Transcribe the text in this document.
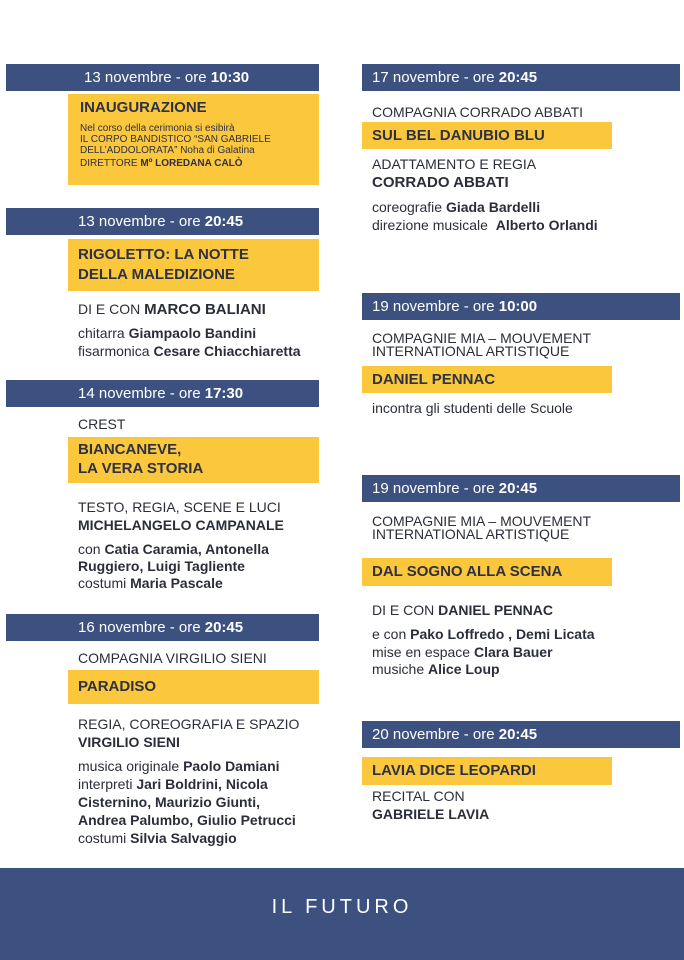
13 novembre - ore 10:30
INAUGURAZIONE
Nel corso della cerimonia si esibirà
IL CORPO BANDISTICO “SAN GABRIELE
DELL’ADDOLORATA” Noha di Galatina
DIRETTORE Mº LOREDANA CALÒ
13 novembre - ore 20:45
RIGOLETTO: LA NOTTE
DELLA MALEDIZIONE
DI E CON MARCO BALIANI
chitarra Giampaolo Bandini
fisarmonica Cesare Chiacchiaretta
14 novembre - ore 17:30
CREST
BIANCANEVE,
LA VERA STORIA
TESTO, REGIA, SCENE E LUCI
MICHELANGELO CAMPANALE
con Catia Caramia, Antonella
Ruggiero, Luigi Tagliente
costumi Maria Pascale
16 novembre - ore 20:45
COMPAGNIA VIRGILIO SIENI
PARADISO
REGIA, COREOGRAFIA E SPAZIO
VIRGILIO SIENI
musica originale Paolo Damiani
interpreti Jari Boldrini, Nicola
Cisternino, Maurizio Giunti,
Andrea Palumbo, Giulio Petrucci
costumi Silvia Salvaggio
17 novembre - ore 20:45
COMPAGNIA CORRADO ABBATI
SUL BEL DANUBIO BLU
ADATTAMENTO E REGIA
CORRADO ABBATI
coreografie Giada Bardelli
direzione musicale  Alberto Orlandi
19 novembre - ore 10:00
COMPAGNIE MIA – MOUVEMENT
INTERNATIONAL ARTISTIQUE
DANIEL PENNAC
incontra gli studenti delle Scuole
19 novembre - ore 20:45
COMPAGNIE MIA – MOUVEMENT
INTERNATIONAL ARTISTIQUE
DAL SOGNO ALLA SCENA
DI E CON DANIEL PENNAC
e con Pako Loffredo , Demi Licata
mise en espace Clara Bauer
musiche Alice Loup
20 novembre - ore 20:45
LAVIA DICE LEOPARDI
RECITAL CON
GABRIELE LAVIA
IL FUTURO
